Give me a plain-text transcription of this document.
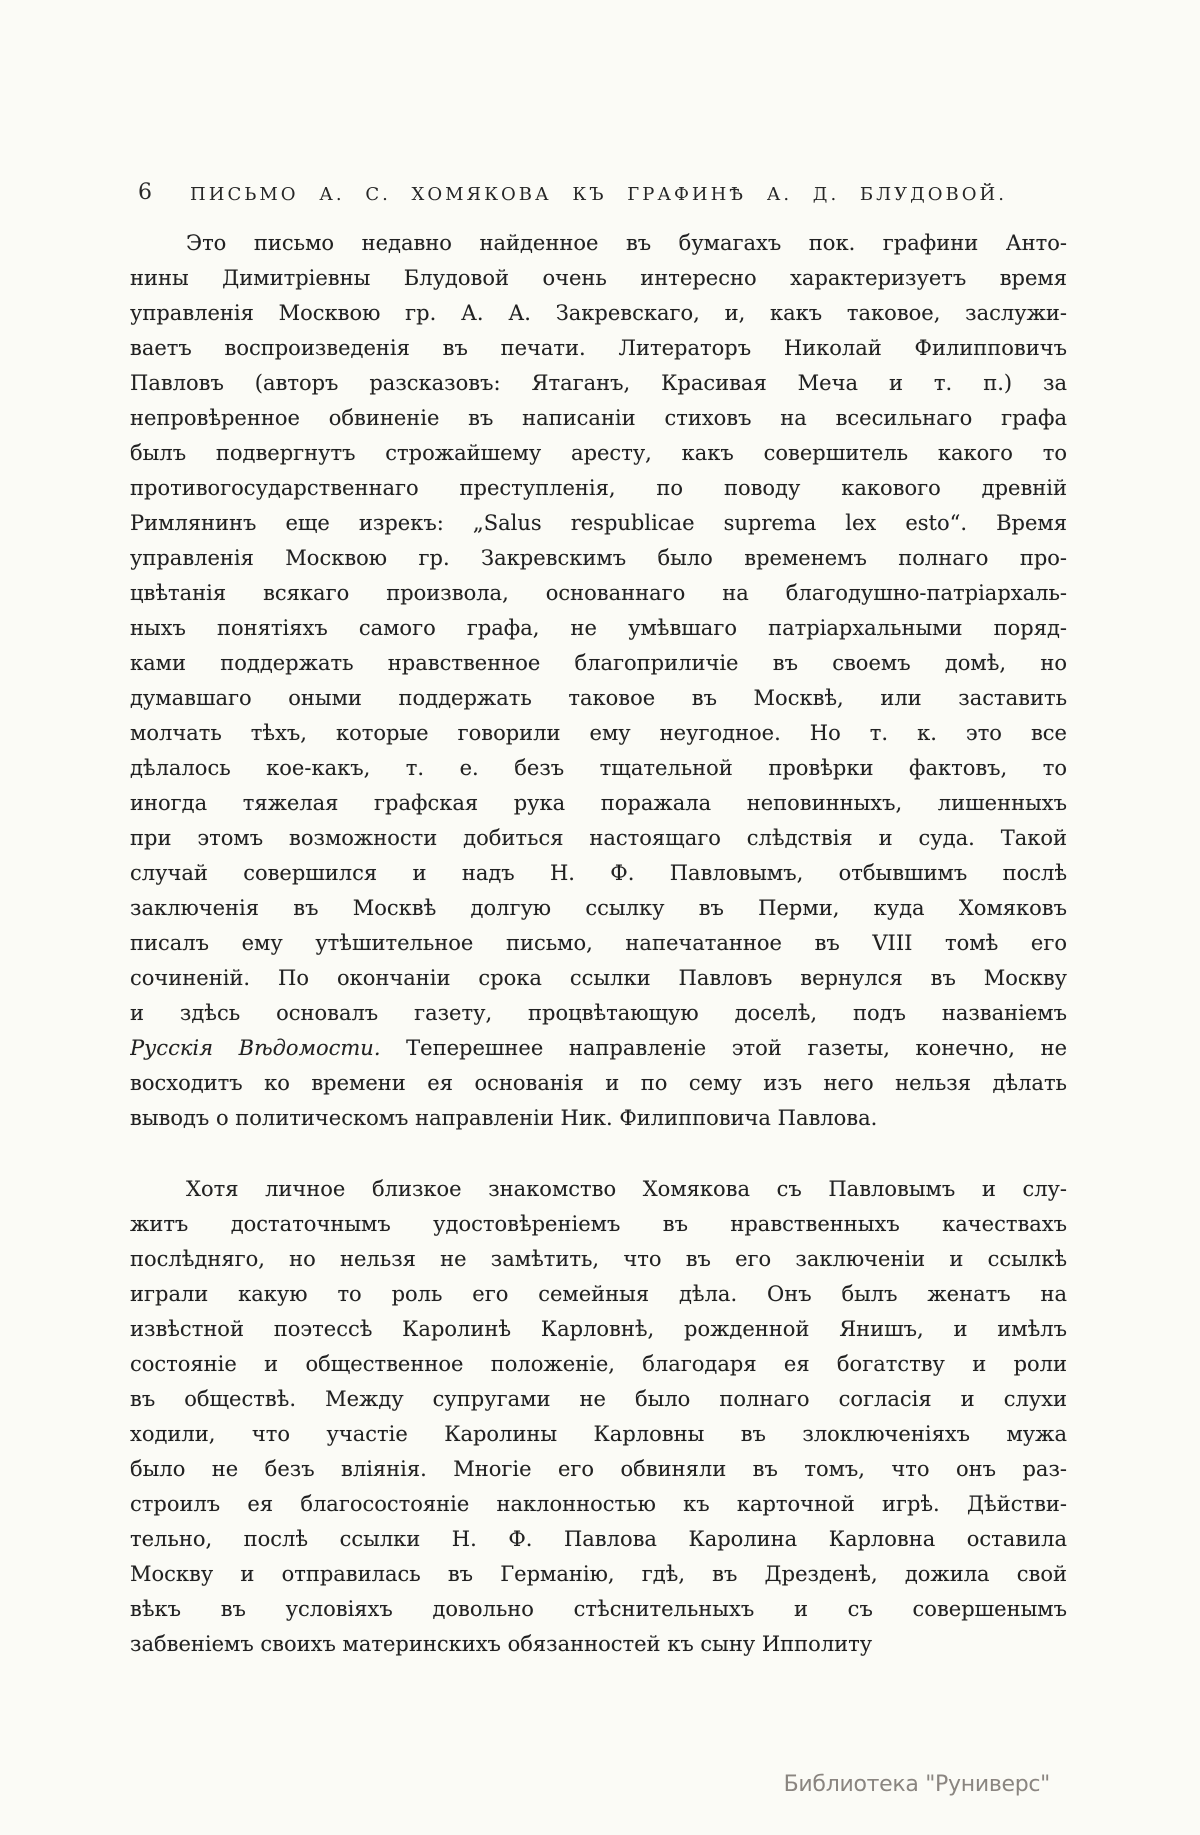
6	ПИСЬМО А. С. ХОМЯКОВА КЪ ГРАФИНѢ А. Д. БЛУДОВОЙ.
Это письмо недавно найденное въ бумагахъ пок. графини Анто-
нины Димитріевны Блудовой очень интересно характеризуетъ время
управленія Москвою гр. А. А. Закревскаго, и, какъ таковое, заслужи-
ваетъ воспроизведенія въ печати. Литераторъ Николай Филипповичъ
Павловъ (авторъ разсказовъ: Ятаганъ, Красивая Меча и т. п.) за
непровѣренное обвиненіе въ написаніи стиховъ на всесильнаго графа
былъ подвергнутъ строжайшему аресту, какъ совершитель какого то
противогосударственнаго преступленія, по поводу какового древній
Римлянинъ еще изрекъ: „Salus respublicae suprema lex esto“. Время
управленія Москвою гр. Закревскимъ было временемъ полнаго про-
цвѣтанія всякаго произвола, основаннаго на благодушно-патріархаль-
ныхъ понятіяхъ самого графа, не умѣвшаго патріархальными поряд-
ками поддержать нравственное благоприличіе въ своемъ домѣ, но
думавшаго оными поддержать таковое въ Москвѣ, или заставить
молчать тѣхъ, которые говорили ему неугодное. Но т. к. это все
дѣлалось кое-какъ, т. е. безъ тщательной провѣрки фактовъ, то
иногда тяжелая графская рука поражала неповинныхъ, лишенныхъ
при этомъ возможности добиться настоящаго слѣдствія и суда. Такой
случай совершился и надъ Н. Ф. Павловымъ, отбывшимъ послѣ
заключенія въ Москвѣ долгую ссылку въ Перми, куда Хомяковъ
писалъ ему утѣшительное письмо, напечатанное въ VIII томѣ его
сочиненій. По окончаніи срока ссылки Павловъ вернулся въ Москву
и здѣсь основалъ газету, процвѣтающую доселѣ, подъ названіемъ
Русскія Вѣдомости. Теперешнее направленіе этой газеты, конечно, не
восходитъ ко времени ея основанія и по сему изъ него нельзя дѣлать
выводъ о политическомъ направленіи Ник. Филипповича Павлова.
Хотя личное близкое знакомство Хомякова съ Павловымъ и слу-
житъ достаточнымъ удостовѣреніемъ въ нравственныхъ качествахъ
послѣдняго, но нельзя не замѣтить, что въ его заключеніи и ссылкѣ
играли какую то роль его семейныя дѣла. Онъ былъ женатъ на
извѣстной поэтессѣ Каролинѣ Карловнѣ, рожденной Янишъ, и имѣлъ
состояніе и общественное положеніе, благодаря ея богатству и роли
въ обществѣ. Между супругами не было полнаго согласія и слухи
ходили, что участіе Каролины Карловны въ злоключеніяхъ мужа
было не безъ вліянія. Многіе его обвиняли въ томъ, что онъ раз-
строилъ ея благосостояніе наклонностью къ карточной игрѣ. Дѣйстви-
тельно, послѣ ссылки Н. Ф. Павлова Каролина Карловна оставила
Москву и отправилась въ Германію, гдѣ, въ Дрезденѣ, дожила свой
вѣкъ въ условіяхъ довольно стѣснительныхъ и съ совершенымъ
забвеніемъ своихъ материнскихъ обязанностей къ сыну Ипполиту
Библиотека "Руниверс"
